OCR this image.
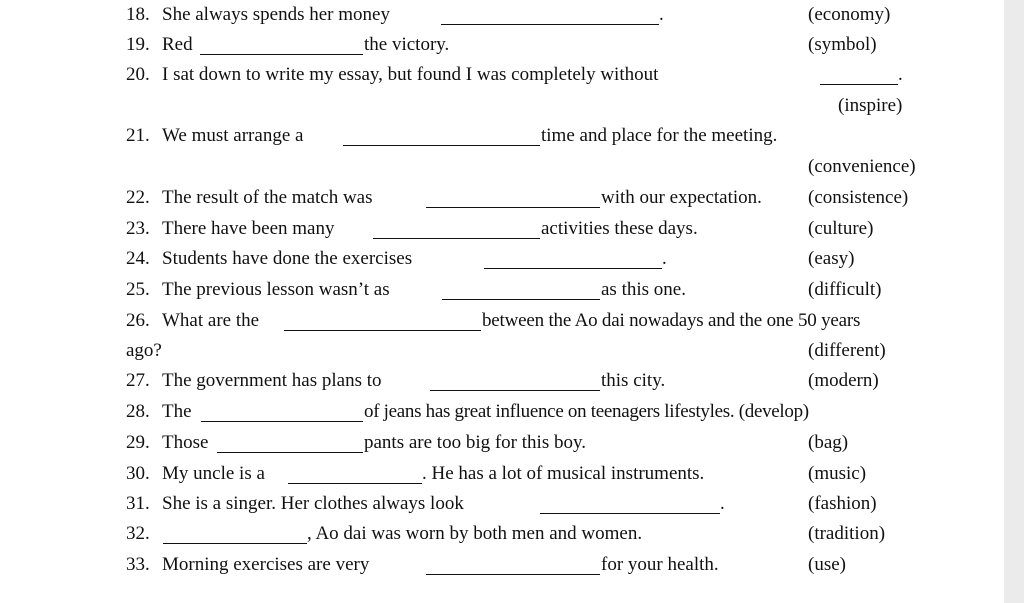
18. She always spends her money	.	(economy)
19. Red	the victory.	(symbol)
20. I sat down to write my essay, but found I was completely without	.
(inspire)
21. We must arrange a	time and place for the meeting.
(convenience)
22. The result of the match was	with our expectation. (consistence)
23. There have been many	activities these days.	(culture)
24. Students have done the exercises	.	(easy)
25. The previous lesson wasn’t as	as this one.	(difficult)
26. What are the	between the Ao dai nowadays and the one 50 years
ago?	(different)
27. The government has plans to	this city.	(modern)
28. The	of jeans has great influence on teenagers lifestyles. (develop)
29. Those	pants are too big for this boy.	(bag)
30. My uncle is a	. He has a lot of musical instruments.	(music)
31. She is a singer. Her clothes always look	.	(fashion)
32.	, Ao dai was worn by both men and women.	(tradition)
33. Morning exercises are very	for your health.	(use)
